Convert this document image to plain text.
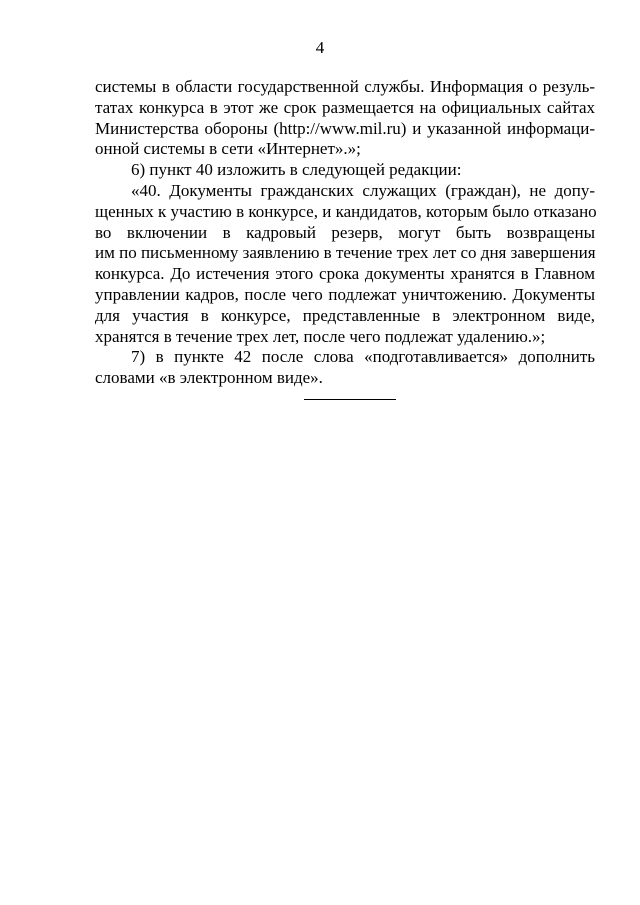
4
системы в области государственной службы. Информация о резуль-
татах конкурса в этот же срок размещается на официальных сайтах
Министерства обороны (http://www.mil.ru) и указанной информаци-
онной системы в сети «Интернет».»;
6) пункт 40 изложить в следующей редакции:
«40. Документы гражданских служащих (граждан), не допу-
щенных к участию в конкурсе, и кандидатов, которым было отказано
во включении в кадровый резерв, могут быть возвращены
им по письменному заявлению в течение трех лет со дня завершения
конкурса. До истечения этого срока документы хранятся в Главном
управлении кадров, после чего подлежат уничтожению. Документы
для участия в конкурсе, представленные в электронном виде,
хранятся в течение трех лет, после чего подлежат удалению.»;
7) в пункте 42 после слова «подготавливается» дополнить
словами «в электронном виде».
